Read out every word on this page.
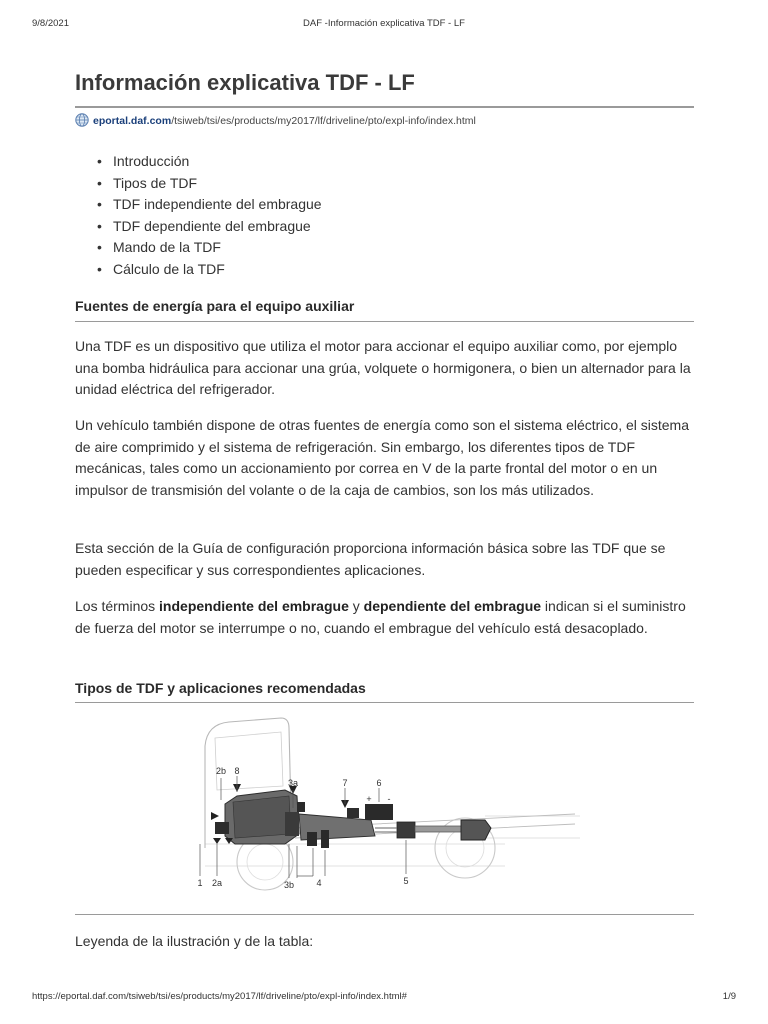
9/8/2021	DAF -Información explicativa TDF - LF
Información explicativa TDF - LF
eportal.daf.com/tsiweb/tsi/es/products/my2017/lf/driveline/pto/expl-info/index.html
• Introducción
• Tipos de TDF
• TDF independiente del embrague
• TDF dependiente del embrague
• Mando de la TDF
• Cálculo de la TDF
Fuentes de energía para el equipo auxiliar

Una TDF es un dispositivo que utiliza el motor para accionar el equipo auxiliar como, por ejemplo una bomba hidráulica para accionar una grúa, volquete o hormigonera, o bien un alternador para la unidad eléctrica del refrigerador.

Un vehículo también dispone de otras fuentes de energía como son el sistema eléctrico, el sistema de aire comprimido y el sistema de refrigeración. Sin embargo, los diferentes tipos de TDF mecánicas, tales como un accionamiento por correa en V de la parte frontal del motor o en un impulsor de transmisión del volante o de la caja de cambios, son los más utilizados.

Esta sección de la Guía de configuración proporciona información básica sobre las TDF que se pueden especificar y sus correspondientes aplicaciones.

Los términos independiente del embrague y dependiente del embrague indican si el suministro de fuerza del motor se interrumpe o no, cuando el embrague del vehículo está desacoplado.

Tipos de TDF y aplicaciones recomendadas
1 2a
2b 8
3a
3b 4
7	6
+ -
5

Leyenda de la ilustración y de la tabla:

https://eportal.daf.com/tsiweb/tsi/es/products/my2017/lf/driveline/pto/expl-info/index.html#	1/9
